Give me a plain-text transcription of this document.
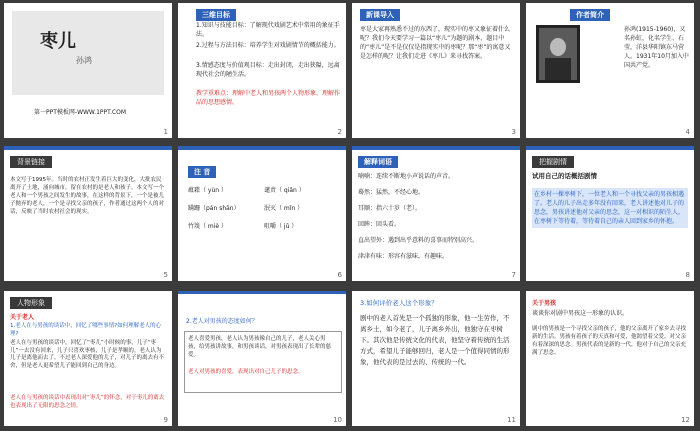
枣儿
孙鸿
第一PPT模板网-WWW.1PPT.COM
1
三维目标
1.知识与技能目标：了解现代戏剧艺术中常用的象征手法。
2.过程与方法目标：培养学生对戏剧情节的概括能力。
3.情感态度与价值观目标：走出封闭，走出狭隘，远离现代社会的陋生活。
教学重难点：理解中老人和男孩两个人物形象，理解作品的思想感情。
2
新课导入
枣是大家再熟悉不过的东西了，现实中的枣又象征着什么呢？我们今天要学习一篇以“枣儿”为题的剧本，题目中的“枣儿”是不是仅仅是指现实中的枣呢？那“枣”的寓意又是怎样的呢？让我们走进《枣儿》来寻找答案。
3
作者简介
孙鸿(1915-1960)，又名孙虹，化名学生、石莹，洋县华阳镇东马营人。1931年10月加入中国共产党。
4
背景链接
本文写于1995年。当时的农村正发生着巨大的变化，大批农民离开了土地，涌向城市，留在农村的是老人和孩子。本文写一个老人和一个男孩之间发生的故事，在这样的背景下，一个是被儿子抛弃的老人，一个是寻找父亲的孩子，作者通过这两个人的对话，反映了当时农村社会的现实。
5
注 音
蕴藉（ yùn ）	谴责（ qiǎn ）
蹒跚（pán shān）	泯灭（ mǐn ）
竹篾（ miè ）	咀嚼（ jǔ ）
6
解释词语
喃喃：连续不断地小声说话的声音。
蓦然：猛然，不经心地。
耳顺：指六十岁（老）。
回眸：回头看。
直出望外：遇到出乎意料的喜事而特别高兴。
津津有味：形容有滋味，有趣味。
7
把握剧情
试用自己的话概括剧情
在乡村一棵枣树下，一位老人和一个寻找父亲的男孩相遇了。老人的儿子出走多年没有回来，老人讲述他对儿子的思念，男孩讲述他对父亲的思念，这一对相识的陌生人，在枣树下等待着，等待着自己的亲人回到家乡的怀抱。
8
人物形象
关于老人
1.老人在与男孩的谈话中，回忆了哪些事情?如何理解老人的心理?
老人在与男孩的谈话中，回忆了“枣儿”小时候的事，儿子“枣儿”一去没有回来，儿子只喜欢枣核，儿子是孝顺的。老人认为儿子是离他而去了，不过老人深爱他的儿子，对儿子的离去有不舍，但是老人更希望儿子能回到自己的身边。
老人在与男孩的谈话中表现出对“枣儿”的怀念，对于枣儿的离去也表现出了无限的思念之情。
9
2.老人对男孩的态度如何？
老人喜爱男孩，老人认为男孩像自己的儿子，老人关心男孩，给男孩讲故事，和男孩谈话，对男孩表现出了长辈的慈爱。
老人对男孩的喜爱，表现出对自己儿子的思念。
10
3.如何评价老人这个形象？
剧中的老人首先是一个孤独的形象，他一生劳作，不离乡土，如今老了，儿子离乡外出，他独守在枣树下。其次他是传统文化的代表，他坚守着传统的生活方式，希望儿子能够回归，老人是一个值得同情的形象，他代表的是过去的、传统的一代。
11
关于男孩
谈谈你对剧中男孩这一形象的认识。
剧中的男孩是一个寻找父亲的孩子，他的父亲离开了家乡去寻找新的生活。男孩有着孩子的天真和可爱，他渴望着父爱，对父亲有着深深的思念。男孩代表的是新的一代，他对于自己的父亲充满了思念。
12
